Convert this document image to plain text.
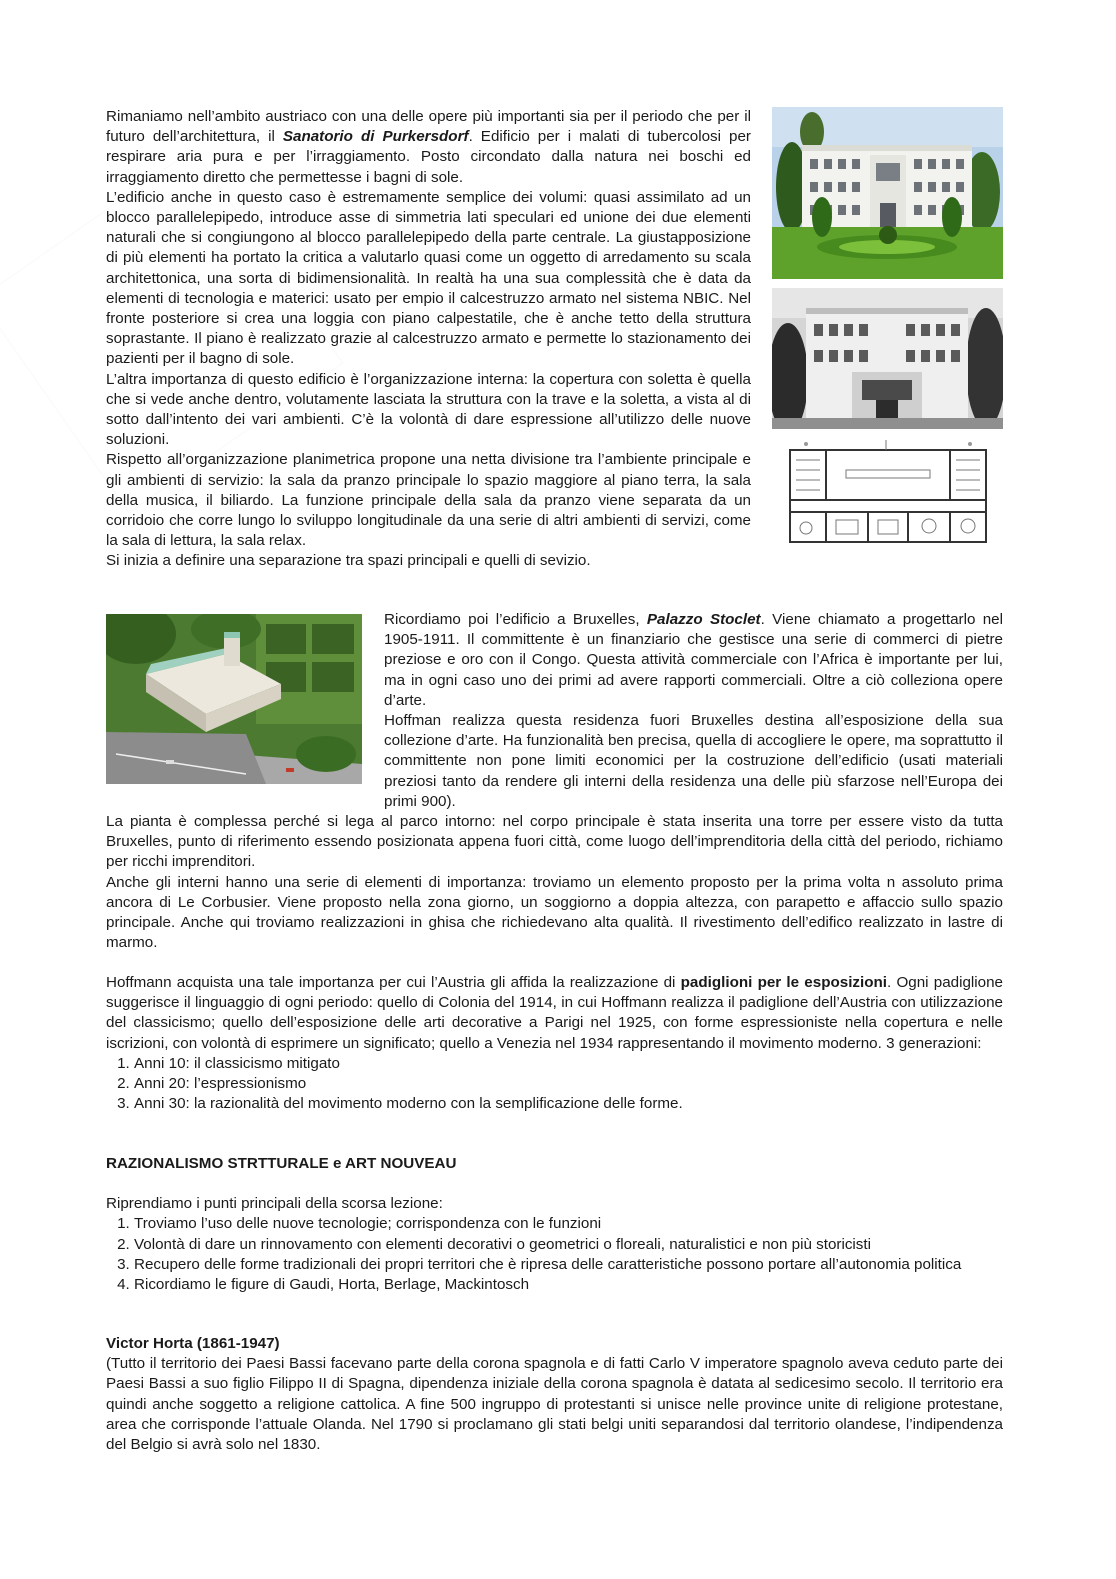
Rimaniamo nell’ambito austriaco con una delle opere più importanti sia per il periodo che per il futuro dell’architettura, il Sanatorio di Purkersdorf. Edificio per i malati di tubercolosi per respirare aria pura e per l’irraggiamento. Posto circondato dalla natura nei boschi ed irraggiamento diretto che permettesse i bagni di sole.

L’edificio anche in questo caso è estremamente semplice dei volumi: quasi assimilato ad un blocco parallelepipedo, introduce asse di simmetria lati speculari ed unione dei due elementi naturali che si congiungono al blocco parallelepipedo della parte centrale. La giustapposizione di più elementi ha portato la critica a valutarlo quasi come un oggetto di arredamento su scala architettonica, una sorta di bidimensionalità. In realtà ha una sua complessità che è data da elementi di tecnologia e materici: usato per empio il calcestruzzo armato nel sistema NBIC. Nel fronte posteriore si crea una loggia con piano calpestatile, che è anche tetto della struttura soprastante. Il piano è realizzato grazie al calcestruzzo armato e permette lo stazionamento dei pazienti per il bagno di sole.

L’altra importanza di questo edificio è l’organizzazione interna: la copertura con soletta è quella che si vede anche dentro, volutamente lasciata la struttura con la trave e la soletta, a vista al di sotto dall’intento dei vari ambienti. C’è la volontà di dare espressione all’utilizzo delle nuove soluzioni.

Rispetto all’organizzazione planimetrica propone una netta divisione tra l’ambiente principale e gli ambienti di servizio: la sala da pranzo principale lo spazio maggiore al piano terra, la sala della musica, il biliardo. La funzione principale della sala da pranzo viene separata da un corridoio che corre lungo lo sviluppo longitudinale da una serie di altri ambienti di servizi, come la sala di lettura, la sala relax.

Si inizia a definire una separazione tra spazi principali e quelli di sevizio.

Ricordiamo poi l’edificio a Bruxelles, Palazzo Stoclet. Viene chiamato a progettarlo nel 1905-1911. Il committente è un finanziario che gestisce una serie di commerci di pietre preziose e oro con il Congo. Questa attività commerciale con l’Africa è importante per lui, ma in ogni caso uno dei primi ad avere rapporti commerciali. Oltre a ciò colleziona opere d’arte.

Hoffman realizza questa residenza fuori Bruxelles destina all’esposizione della sua collezione d’arte. Ha funzionalità ben precisa, quella di accogliere le opere, ma soprattutto il committente non pone limiti economici per la costruzione dell’edificio (usati materiali preziosi tanto da rendere gli interni della residenza una delle più sfarzose nell’Europa dei primi 900).

La pianta è complessa perché si lega al parco intorno: nel corpo principale è stata inserita una torre per essere visto da tutta Bruxelles, punto di riferimento essendo posizionata appena fuori città, come luogo dell’imprenditoria della città del periodo, richiamo per ricchi imprenditori.

Anche gli interni hanno una serie di elementi di importanza: troviamo un elemento proposto per la prima volta n assoluto prima ancora di Le Corbusier. Viene proposto nella zona giorno, un soggiorno a doppia altezza, con parapetto e affaccio sullo spazio principale. Anche qui troviamo realizzazioni in ghisa che richiedevano alta qualità. Il rivestimento dell’edifico realizzato in lastre di marmo.

Hoffmann acquista una tale importanza per cui l’Austria gli affida la realizzazione di padiglioni per le esposizioni. Ogni padiglione suggerisce il linguaggio di ogni periodo: quello di Colonia del 1914, in cui Hoffmann realizza il padiglione dell’Austria con utilizzazione del classicismo; quello dell’esposizione delle arti decorative a Parigi nel 1925, con forme espressioniste nella copertura e nelle iscrizioni, con volontà di esprimere un significato; quello a Venezia nel 1934 rappresentando il movimento moderno. 3 generazioni:

1. Anni 10: il classicismo mitigato
2. Anni 20: l’espressionismo
3. Anni 30: la razionalità del movimento moderno con la semplificazione delle forme.
RAZIONALISMO STRTTURALE e ART NOUVEAU

Riprendiamo i punti principali della scorsa lezione:

1. Troviamo l’uso delle nuove tecnologie; corrispondenza con le funzioni
2. Volontà di dare un rinnovamento con elementi decorativi o geometrici o floreali, naturalistici e non più storicisti
3. Recupero delle forme tradizionali dei propri territori che è ripresa delle caratteristiche possono portare all’autonomia politica
4. Ricordiamo le figure di Gaudi, Horta, Berlage, Mackintosch
Victor Horta (1861-1947)

(Tutto il territorio dei Paesi Bassi facevano parte della corona spagnola e di fatti Carlo V imperatore spagnolo aveva ceduto parte dei Paesi Bassi a suo figlio Filippo II di Spagna, dipendenza iniziale della corona spagnola è datata al sedicesimo secolo. Il territorio era quindi anche soggetto a religione cattolica. A fine 500 ingruppo di protestanti si unisce nelle province unite di religione protestane, area che corrisponde l’attuale Olanda. Nel 1790 si proclamano gli stati belgi uniti separandosi dal territorio olandese, l’indipendenza del Belgio si avrà solo nel 1830.
